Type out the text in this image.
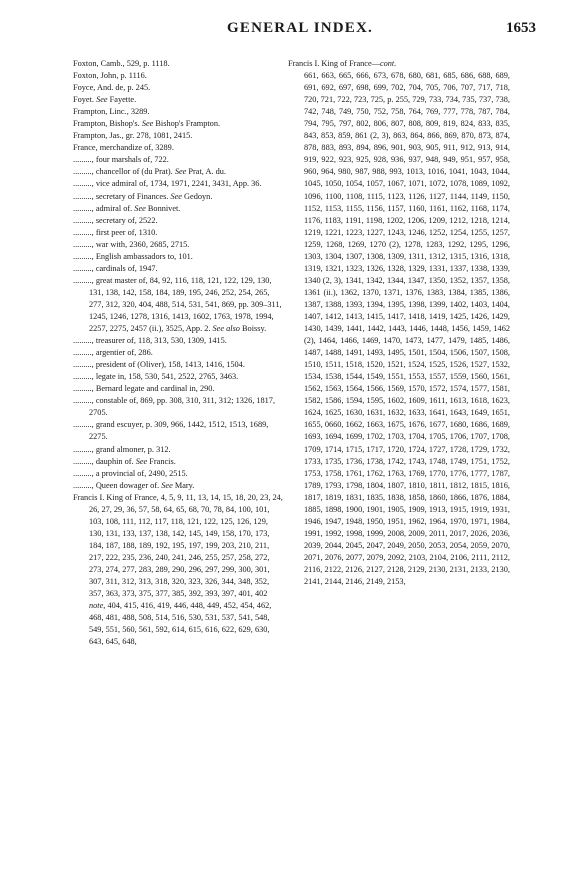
GENERAL INDEX.	1653

Foxton, Camb., 529, p. 1118.

Foxton, John, p. 1116.

Foyce, And. de, p. 245.

Foyet. See Fayette.

Frampton, Linc., 3289.

Frampton, Bishop's. See Bishop's Frampton.

Frampton, Jas., gr. 278, 1081, 2415.

France, merchandize of, 3289.

........., four marshals of, 722.

........., chancellor of (du Prat). See Prat, A. du.

........., vice admiral of, 1734, 1971, 2241, 3431, App. 36.

........., secretary of Finances. See Gedoyn.

........., admiral of. See Bonnivet.

........., secretary of, 2522.

........., first peer of, 1310.

........., war with, 2360, 2685, 2715.

........., English ambassadors to, 101.

........., cardinals of, 1947.

........., great master of, 84, 92, 116, 118, 121, 122, 129, 130, 131, 138, 142, 158, 184, 189, 195, 246, 252, 254, 265, 277, 312, 320, 404, 488, 514, 531, 541, 869, pp. 309–311, 1245, 1246, 1278, 1316, 1413, 1602, 1763, 1978, 1994, 2257, 2275, 2457 (ii.), 3525, App. 2. See also Boissy.

........., treasurer of, 118, 313, 530, 1309, 1415.

........., argentier of, 286.

........., president of (Oliver), 158, 1413, 1416, 1504.

........., legate in, 158, 530, 541, 2522, 2765, 3463.

........., Bernard legate and cardinal in, 290.

........., constable of, 869, pp. 308, 310, 311, 312; 1326, 1817, 2705.

........., grand escuyer, p. 309, 966, 1442, 1512, 1513, 1689, 2275.

........., grand almoner, p. 312.

........., dauphin of. See Francis.

........., a provincial of, 2490, 2515.

........., Queen dowager of. See Mary.

Francis I. King of France, 4, 5, 9, 11, 13, 14, 15, 18, 20, 23, 24, 26, 27, 29, 36, 57, 58, 64, 65, 68, 70, 78, 84, 100, 101, 103, 108, 111, 112, 117, 118, 121, 122, 125, 126, 129, 130, 131, 133, 137, 138, 142, 145, 149, 158, 170, 173, 184, 187, 188, 189, 192, 195, 197, 199, 203, 210, 211, 217, 222, 235, 236, 240, 241, 246, 255, 257, 258, 272, 273, 274, 277, 283, 289, 290, 296, 297, 299, 300, 301, 307, 311, 312, 313, 318, 320, 323, 326, 344, 348, 352, 357, 363, 373, 375, 377, 385, 392, 393, 397, 401, 402 note, 404, 415, 416, 419, 446, 448, 449, 452, 454, 462, 468, 481, 488, 508, 514, 516, 530, 531, 537, 541, 548, 549, 551, 560, 561, 592, 614, 615, 616, 622, 629, 630, 643, 645, 648,

Francis I. King of France—cont.

661, 663, 665, 666, 673, 678, 680, 681, 685, 686, 688, 689, 691, 692, 697, 698, 699, 702, 704, 705, 706, 707, 717, 718, 720, 721, 722, 723, 725, p. 255, 729, 733, 734, 735, 737, 738, 742, 748, 749, 750, 752, 758, 764, 769, 777, 778, 787, 784, 794, 795, 797, 802, 806, 807, 808, 809, 819, 824, 833, 835, 843, 853, 859, 861 (2, 3), 863, 864, 866, 869, 870, 873, 874, 878, 883, 893, 894, 896, 901, 903, 905, 911, 912, 913, 914, 919, 922, 923, 925, 928, 936, 937, 948, 949, 951, 957, 958, 960, 964, 980, 987, 988, 993, 1013, 1016, 1041, 1043, 1044, 1045, 1050, 1054, 1057, 1067, 1071, 1072, 1078, 1089, 1092, 1096, 1100, 1108, 1115, 1123, 1126, 1127, 1144, 1149, 1150, 1152, 1153, 1155, 1156, 1157, 1160, 1161, 1162, 1168, 1174, 1176, 1183, 1191, 1198, 1202, 1206, 1209, 1212, 1218, 1214, 1219, 1221, 1223, 1227, 1243, 1246, 1252, 1254, 1255, 1257, 1259, 1268, 1269, 1270 (2), 1278, 1283, 1292, 1295, 1296, 1303, 1304, 1307, 1308, 1309, 1311, 1312, 1315, 1316, 1318, 1319, 1321, 1323, 1326, 1328, 1329, 1331, 1337, 1338, 1339, 1340 (2, 3), 1341, 1342, 1344, 1347, 1350, 1352, 1357, 1358, 1361 (ii.), 1362, 1370, 1371, 1376, 1383, 1384, 1385, 1386, 1387, 1388, 1393, 1394, 1395, 1398, 1399, 1402, 1403, 1404, 1407, 1412, 1413, 1415, 1417, 1418, 1419, 1425, 1426, 1429, 1430, 1439, 1441, 1442, 1443, 1446, 1448, 1456, 1459, 1462 (2), 1464, 1466, 1469, 1470, 1473, 1477, 1479, 1485, 1486, 1487, 1488, 1491, 1493, 1495, 1501, 1504, 1506, 1507, 1508, 1510, 1511, 1518, 1520, 1521, 1524, 1525, 1526, 1527, 1532, 1534, 1538, 1544, 1549, 1551, 1553, 1557, 1559, 1560, 1561, 1562, 1563, 1564, 1566, 1569, 1570, 1572, 1574, 1577, 1581, 1582, 1586, 1594, 1595, 1602, 1609, 1611, 1613, 1618, 1623, 1624, 1625, 1630, 1631, 1632, 1633, 1641, 1643, 1649, 1651, 1655, 0660, 1662, 1663, 1675, 1676, 1677, 1680, 1686, 1689, 1693, 1694, 1699, 1702, 1703, 1704, 1705, 1706, 1707, 1708, 1709, 1714, 1715, 1717, 1720, 1724, 1727, 1728, 1729, 1732, 1733, 1735, 1736, 1738, 1742, 1743, 1748, 1749, 1751, 1752, 1753, 1758, 1761, 1762, 1763, 1769, 1770, 1776, 1777, 1787, 1789, 1793, 1798, 1804, 1807, 1810, 1811, 1812, 1815, 1816, 1817, 1819, 1831, 1835, 1838, 1858, 1860, 1866, 1876, 1884, 1885, 1898, 1900, 1901, 1905, 1909, 1913, 1915, 1919, 1931, 1946, 1947, 1948, 1950, 1951, 1962, 1964, 1970, 1971, 1984, 1991, 1992, 1998, 1999, 2008, 2009, 2011, 2017, 2026, 2036, 2039, 2044, 2045, 2047, 2049, 2050, 2053, 2054, 2059, 2070, 2071, 2076, 2077, 2079, 2092, 2103, 2104, 2106, 2111, 2112, 2116, 2122, 2126, 2127, 2128, 2129, 2130, 2131, 2133, 2130, 2141, 2144, 2146, 2149, 2153,
